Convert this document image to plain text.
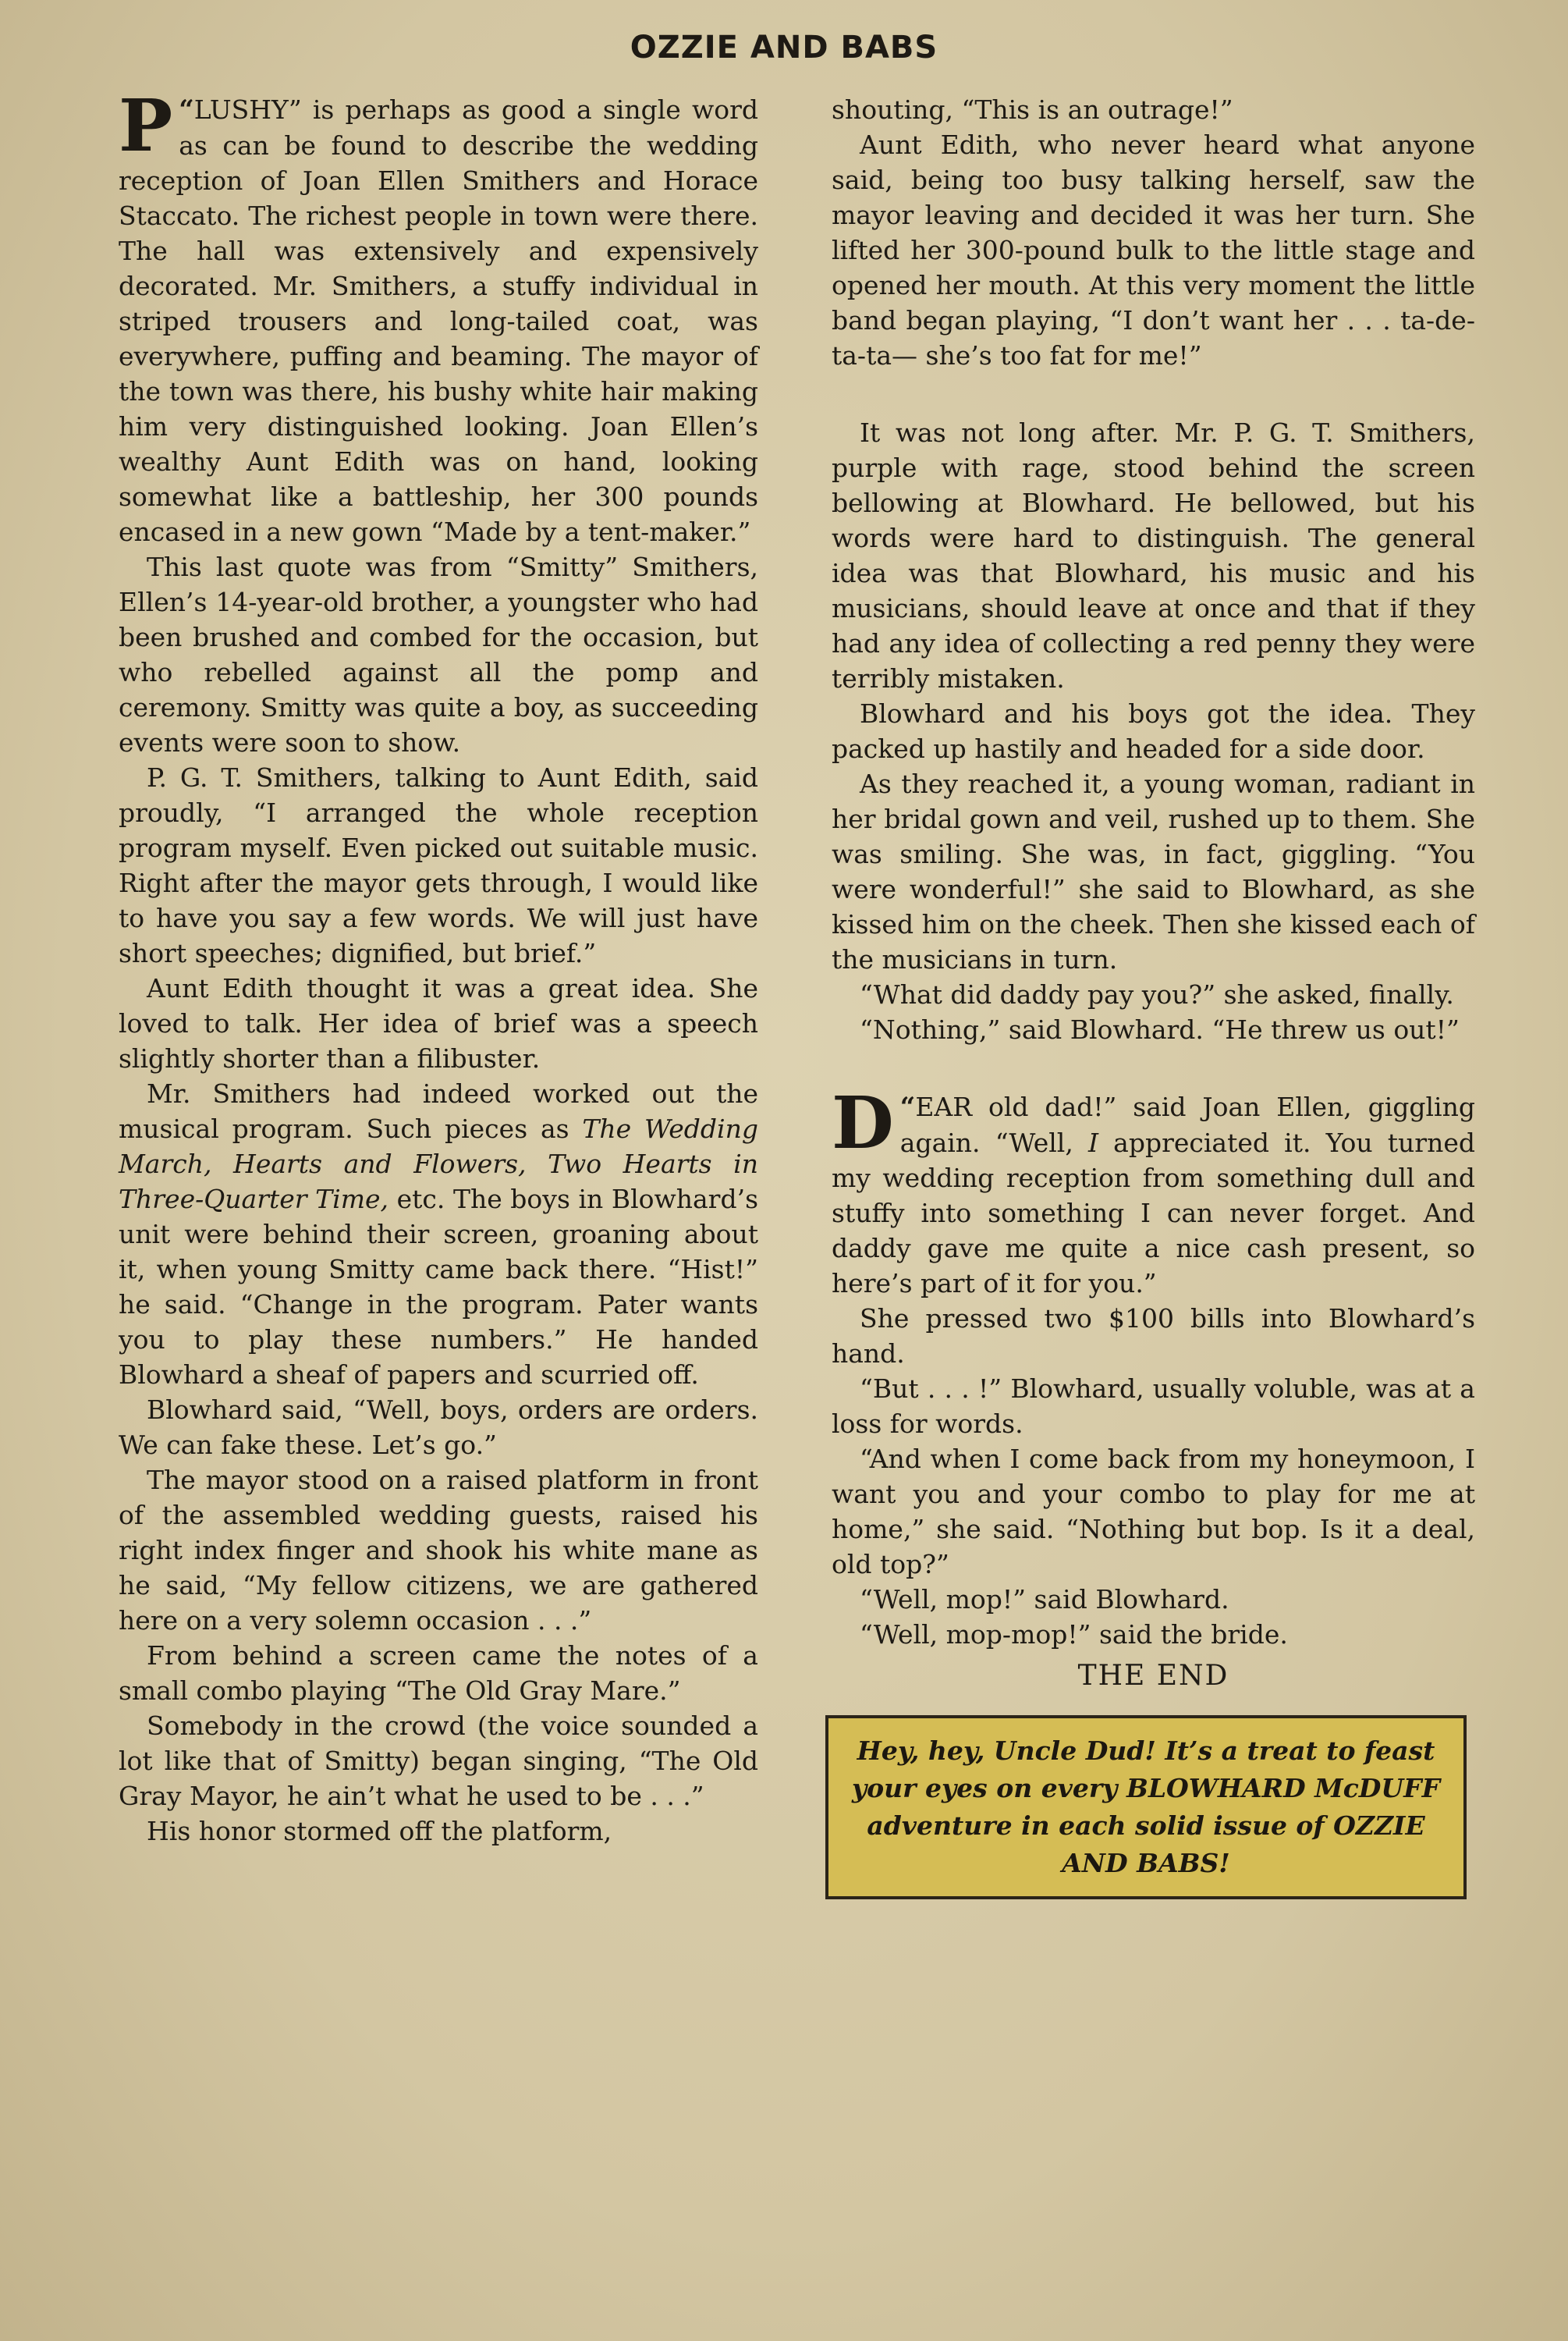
OZZIE AND BABS

“
P LUSHY” is perhaps as good a single word as can be found to describe the wedding reception of Joan Ellen Smithers and Horace Staccato. The richest people in town were there. The hall was extensively and expensively decorated. Mr. Smithers, a stuffy individual in striped trousers and long-tailed coat, was everywhere, puffing and beaming. The mayor of the town was there, his bushy white hair making him very distinguished looking. Joan Ellen’s wealthy Aunt Edith was on hand, looking somewhat like a battleship, her 300 pounds encased in a new gown “Made by a tent-maker.”

This last quote was from “Smitty” Smithers, Ellen’s 14-year-old brother, a youngster who had been brushed and combed for the occasion, but who rebelled against all the pomp and ceremony. Smitty was quite a boy, as succeeding events were soon to show.

P. G. T. Smithers, talking to Aunt Edith, said proudly, “I arranged the whole reception program myself. Even picked out suitable music. Right after the mayor gets through, I would like to have you say a few words. We will just have short speeches; dignified, but brief.”

Aunt Edith thought it was a great idea. She loved to talk. Her idea of brief was a speech slightly shorter than a filibuster.

Mr. Smithers had indeed worked out the musical program. Such pieces as The Wedding March, Hearts and Flowers, Two Hearts in Three-Quarter Time, etc. The boys in Blowhard’s unit were behind their screen, groaning about it, when young Smitty came back there. “Hist!” he said. “Change in the program. Pater wants you to play these numbers.” He handed Blowhard a sheaf of papers and scurried off.

Blowhard said, “Well, boys, orders are orders. We can fake these. Let’s go.”

The mayor stood on a raised platform in front of the assembled wedding guests, raised his right index finger and shook his white mane as he said, “My fellow citizens, we are gathered here on a very solemn occasion . . .”

From behind a screen came the notes of a small combo playing “The Old Gray Mare.”

Somebody in the crowd (the voice sounded a lot like that of Smitty) began singing, “The Old Gray Mayor, he ain’t what he used to be . . .”

His honor stormed off the platform,

shouting, “This is an outrage!”

Aunt Edith, who never heard what anyone said, being too busy talking herself, saw the mayor leaving and decided it was her turn. She lifted her 300-pound bulk to the little stage and opened her mouth. At this very moment the little band began playing, “I don’t want her . . . ta-de-ta-ta— she’s too fat for me!”

It was not long after. Mr. P. G. T. Smithers, purple with rage, stood behind the screen bellowing at Blowhard. He bellowed, but his words were hard to distinguish. The general idea was that Blowhard, his music and his musicians, should leave at once and that if they had any idea of collecting a red penny they were terribly mistaken.

Blowhard and his boys got the idea. They packed up hastily and headed for a side door.

As they reached it, a young woman, radiant in her bridal gown and veil, rushed up to them. She was smiling. She was, in fact, giggling. “You were wonderful!” she said to Blowhard, as she kissed him on the cheek. Then she kissed each of the musicians in turn.

“What did daddy pay you?” she asked, finally.

“Nothing,” said Blowhard. “He threw us out!”

“
D EAR old dad!” said Joan Ellen, giggling again. “Well, I appreciated it. You turned my wedding reception from something dull and stuffy into something I can never forget. And daddy gave me quite a nice cash present, so here’s part of it for you.”

She pressed two $100 bills into Blowhard’s hand.

“But . . . !” Blowhard, usually voluble, was at a loss for words.

“And when I come back from my honeymoon, I want you and your combo to play for me at home,” she said. “Nothing but bop. Is it a deal, old top?”

“Well, mop!” said Blowhard.

“Well, mop-mop!” said the bride.

THE END
Hey, hey, Uncle Dud! It’s a treat to feast your eyes on every BLOWHARD McDUFF adventure in each solid issue of OZZIE AND BABS!
